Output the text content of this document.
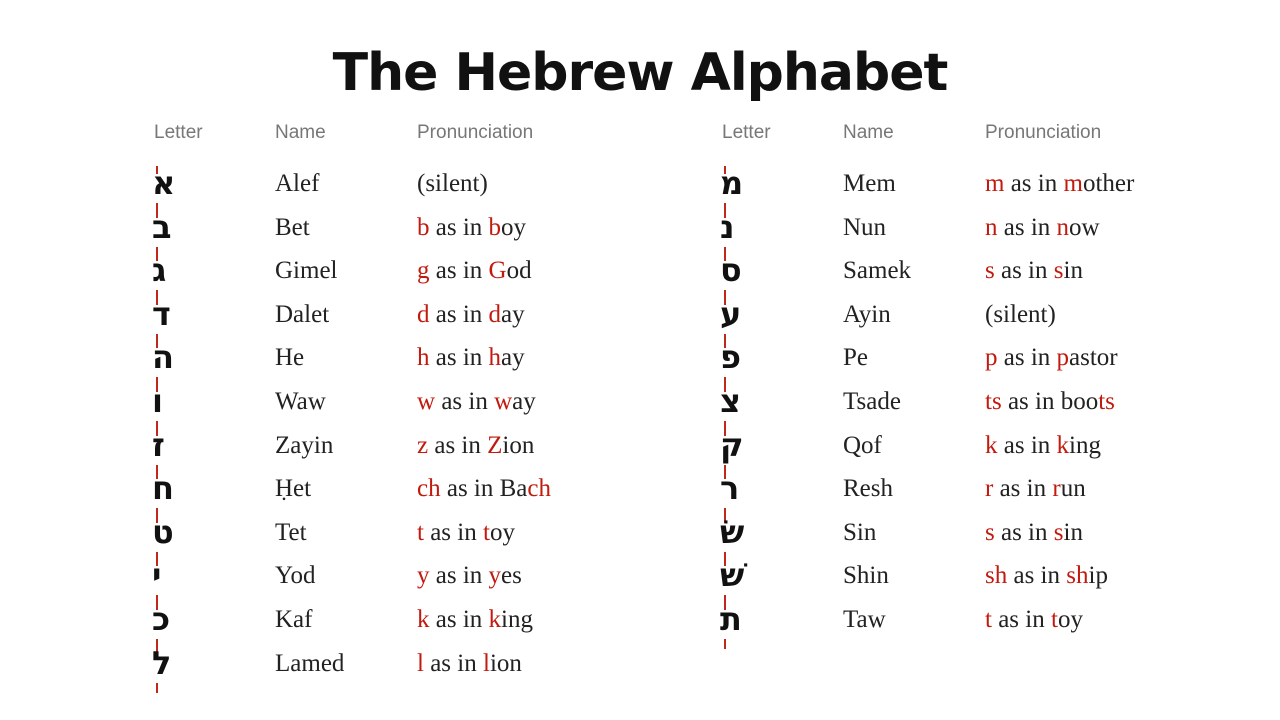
The Hebrew Alphabet
Letter	Name	Pronunciation
א	Alef	(silent)
ב	Bet	b as in boy
ג	Gimel	g as in God
ד	Dalet	d as in day
ה	He	h as in hay
ו	Waw	w as in way
ז	Zayin	z as in Zion
ח	Ḥet	ch as in Bach
ט	Tet	t as in toy
י	Yod	y as in yes
כ	Kaf	k as in king
ל	Lamed	l as in lion
Letter	Name	Pronunciation
מ	Mem	m as in mother
נ	Nun	n as in now
ס	Samek	s as in sin
ע	Ayin	(silent)
פ	Pe	p as in pastor
צ	Tsade	ts as in boots
ק	Qof	k as in king
ר	Resh	r as in run
שׂ	Sin	s as in sin
שׁ	Shin	sh as in ship
ת	Taw	t as in toy
